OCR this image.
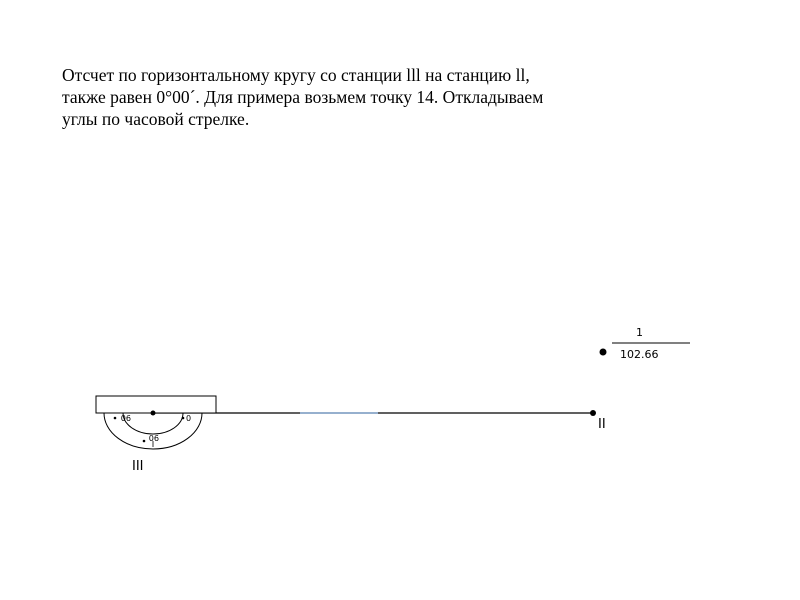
Отсчет по горизонтальному кругу со станции lll на станцию ll,
также равен 0°00´. Для примера возьмем точку 14. Откладываем
углы по часовой стрелке.
90	0
90
III
II
1
102.66
